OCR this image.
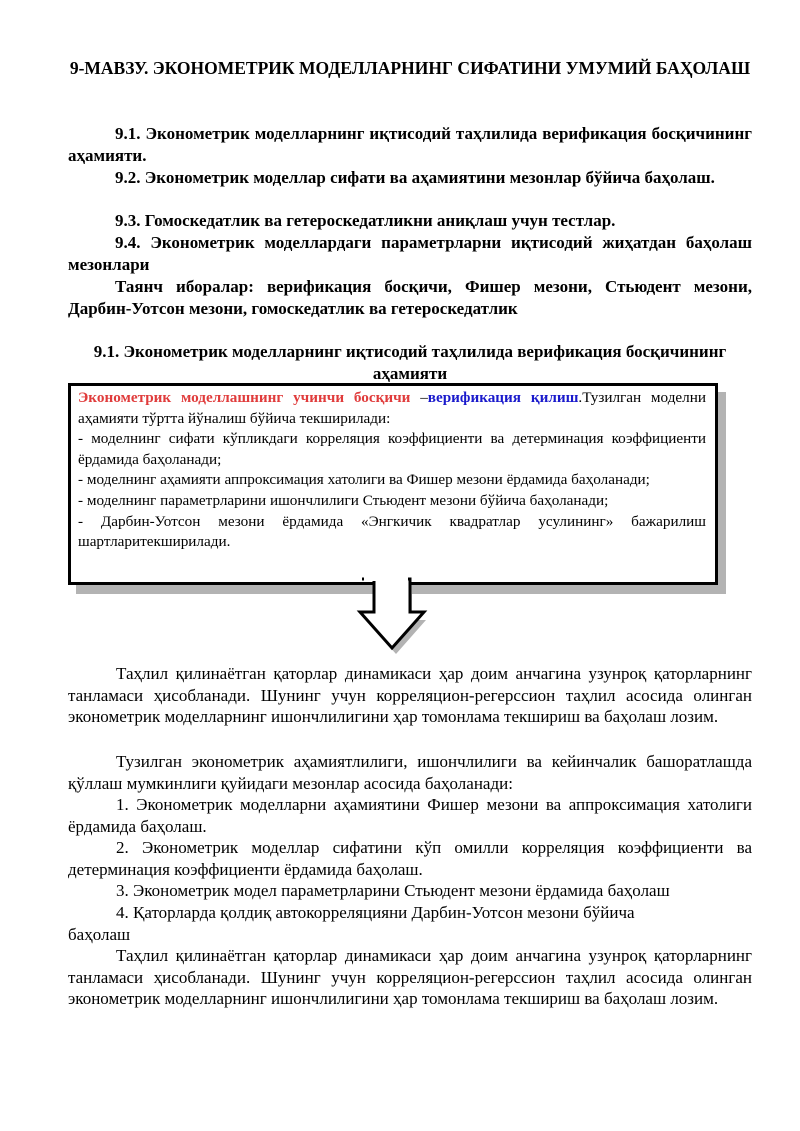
9-МАВЗУ. ЭКОНОМЕТРИК МОДЕЛЛАРНИНГ СИФАТИНИ УМУМИЙ БАҲОЛАШ
9.1. Эконометрик моделларнинг иқтисодий таҳлилида верификация босқичининг аҳамияти.
9.2. Эконометрик моделлар сифати ва аҳамиятини мезонлар бўйича баҳолаш.
9.3. Гомоскедатлик ва гетероскедатликни аниқлаш учун тестлар.
9.4. Эконометрик моделлардаги параметрларни иқтисодий жиҳатдан баҳолаш мезонлари
Таянч иборалар: верификация босқичи, Фишер мезони, Стьюдент мезони, Дарбин-Уотсон мезони, гомоскедатлик ва гетероскедатлик
9.1. Эконометрик моделларнинг иқтисодий таҳлилида верификация босқичининг аҳамияти
Эконометрик моделлашнинг учинчи босқичи –верификация қилиш.Тузилган моделни аҳамияти тўртта йўналиш бўйича текширилади:
- моделнинг сифати кўпликдаги корреляция коэффициенти ва детерминация коэффициенти ёрдамида баҳоланади;
- моделнинг аҳамияти аппроксимация хатолиги ва Фишер мезони ёрдамида баҳоланади;
- моделнинг параметрларини ишончлилиги Стьюдент мезони бўйича баҳоланади;
- Дарбин-Уотсон мезони ёрдамида «Энгкичик квадратлар усулининг» бажарилиш шартларитекширилади.
Таҳлил қилинаётган қаторлар динамикаси ҳар доим анчагина узунроқ қаторларнинг танламаси ҳисобланади. Шунинг учун корреляцион-регерссион таҳлил асосида олинган эконометрик моделларнинг ишончлилигини ҳар томонлама текшириш ва баҳолаш лозим.
Тузилган эконометрик аҳамиятлилиги, ишончлилиги ва кейинчалик башоратлашда қўллаш мумкинлиги қуйидаги мезонлар асосида баҳоланади:
1. Эконометрик моделларни аҳамиятини Фишер мезони ва аппроксимация хатолиги ёрдамида баҳолаш.
2. Эконометрик моделлар сифатини кўп омилли корреляция коэффициенти ва детерминация коэффициенти ёрдамида баҳолаш.
3. Эконометрик модел параметрларини Стьюдент мезони ёрдамида баҳолаш
4. Қаторларда қолдиқ автокорреляцияни Дарбин-Уотсон мезони бўйича баҳолаш
Таҳлил қилинаётган қаторлар динамикаси ҳар доим анчагина узунроқ қаторларнинг танламаси ҳисобланади. Шунинг учун корреляцион-регерссион таҳлил асосида олинган эконометрик моделларнинг ишончлилигини ҳар томонлама текшириш ва баҳолаш лозим.
